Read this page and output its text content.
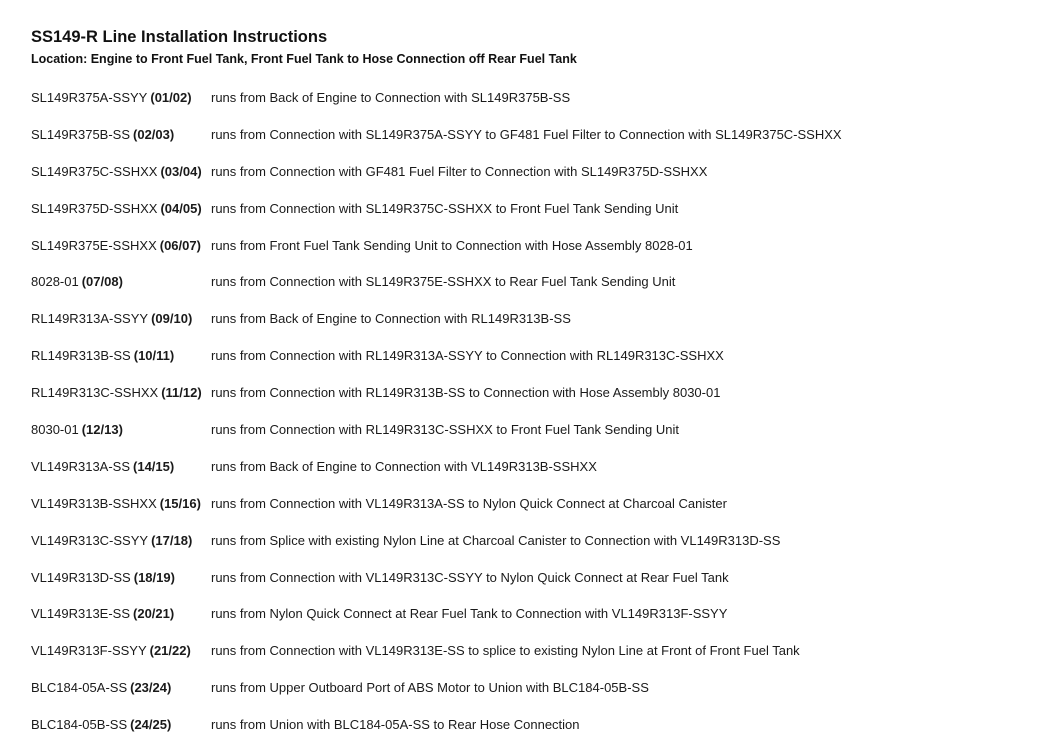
SS149-R Line Installation Instructions
Location: Engine to Front Fuel Tank, Front Fuel Tank to Hose Connection off Rear Fuel Tank
SL149R375A-SSYY (01/02)	runs from Back of Engine to Connection with SL149R375B-SS
SL149R375B-SS (02/03)	runs from Connection with SL149R375A-SSYY to GF481 Fuel Filter to Connection with SL149R375C-SSHXX
SL149R375C-SSHXX (03/04) runs from Connection with GF481 Fuel Filter to Connection with SL149R375D-SSHXX
SL149R375D-SSHXX (04/05) runs from Connection with SL149R375C-SSHXX to Front Fuel Tank Sending Unit
SL149R375E-SSHXX (06/07) runs from Front Fuel Tank Sending Unit to Connection with Hose Assembly 8028-01
8028-01 (07/08)	runs from Connection with SL149R375E-SSHXX to Rear Fuel Tank Sending Unit
RL149R313A-SSYY (09/10)	runs from Back of Engine to Connection with RL149R313B-SS
RL149R313B-SS (10/11)	runs from Connection with RL149R313A-SSYY to Connection with RL149R313C-SSHXX
RL149R313C-SSHXX (11/12) runs from Connection with RL149R313B-SS to Connection with Hose Assembly 8030-01
8030-01 (12/13)	runs from Connection with RL149R313C-SSHXX to Front Fuel Tank Sending Unit
VL149R313A-SS (14/15)	runs from Back of Engine to Connection with VL149R313B-SSHXX
VL149R313B-SSHXX (15/16) runs from Connection with VL149R313A-SS to Nylon Quick Connect at Charcoal Canister
VL149R313C-SSYY (17/18)	runs from Splice with existing Nylon Line at Charcoal Canister to Connection with VL149R313D-SS
VL149R313D-SS (18/19)	runs from Connection with VL149R313C-SSYY to Nylon Quick Connect at Rear Fuel Tank
VL149R313E-SS (20/21)	runs from Nylon Quick Connect at Rear Fuel Tank to Connection with VL149R313F-SSYY
VL149R313F-SSYY (21/22)	runs from Connection with VL149R313E-SS to splice to existing Nylon Line at Front of Front Fuel Tank
BLC184-05A-SS (23/24)	runs from Upper Outboard Port of ABS Motor to Union with BLC184-05B-SS
BLC184-05B-SS (24/25)	runs from Union with BLC184-05A-SS to Rear Hose Connection
